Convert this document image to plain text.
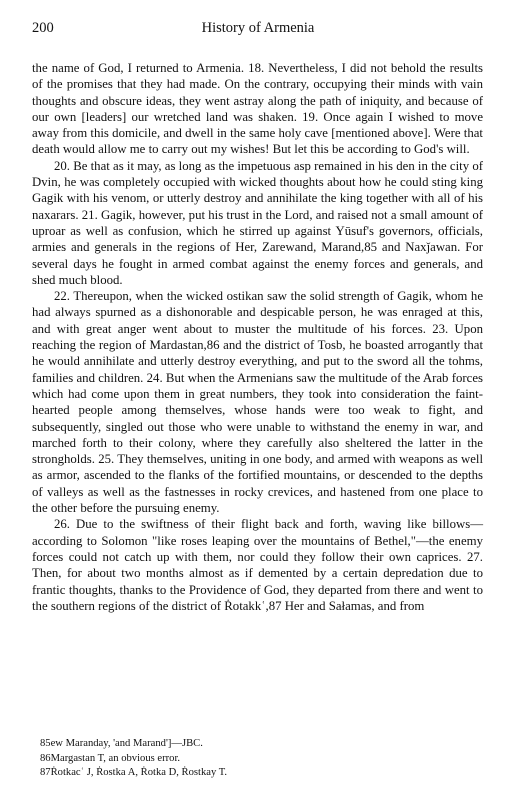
200	History of Armenia

the name of God, I returned to Armenia. 18. Nevertheless, I did not behold the results of the promises that they had made. On the contrary, occupying their minds with vain thoughts and obscure ideas, they went astray along the path of iniquity, and because of our own [leaders] our wretched land was shaken. 19. Once again I wished to move away from this domicile, and dwell in the same holy cave [mentioned above]. Were that death would allow me to carry out my wishes! But let this be according to God's will.

20. Be that as it may, as long as the impetuous asp remained in his den in the city of Dvin, he was completely occupied with wicked thoughts about how he could sting king Gagik with his venom, or utterly destroy and annihilate the king together with all of his naxarars. 21. Gagik, however, put his trust in the Lord, and raised not a small amount of uproar as well as confusion, which he stirred up against Yūsuf's governors, officials, armies and generals in the regions of Her, Zarewand, Marand,85 and Naxǰawan. For several days he fought in armed combat against the enemy forces and generals, and shed much blood.

22. Thereupon, when the wicked ostikan saw the solid strength of Gagik, whom he had always spurned as a dishonorable and despicable person, he was enraged at this, and with great anger went about to muster the multitude of his forces. 23. Upon reaching the region of Mardastan,86 and the district of Tosb, he boasted arrogantly that he would annihilate and utterly destroy everything, and put to the sword all the tohms, families and children. 24. But when the Armenians saw the multitude of the Arab forces which had come upon them in great numbers, they took into consideration the faint-hearted people among themselves, whose hands were too weak to fight, and subsequently, singled out those who were unable to withstand the enemy in war, and marched forth to their colony, where they carefully also sheltered the latter in the strongholds. 25. They themselves, uniting in one body, and armed with weapons as well as armor, ascended to the flanks of the fortified mountains, or descended to the depths of valleys as well as the fastnesses in rocky crevices, and hastened from one place to the other before the pursuing enemy.

26. Due to the swiftness of their flight back and forth, waving like billows—according to Solomon "like roses leaping over the mountains of Bethel,"—the enemy forces could not catch up with them, nor could they follow their own caprices. 27. Then, for about two months almost as if demented by a certain depredation due to frantic thoughts, thanks to the Providence of God, they departed from there and went to the southern regions of the district of Ṙotakkʿ,87 Her and Sałamas, and from

85ew Maranday, 'and Marand']—JBC.
86Margastan T, an obvious error.
87Ṙotkacʿ J, Ṙostka A, Ṙotka D, Ṙostkay T.
